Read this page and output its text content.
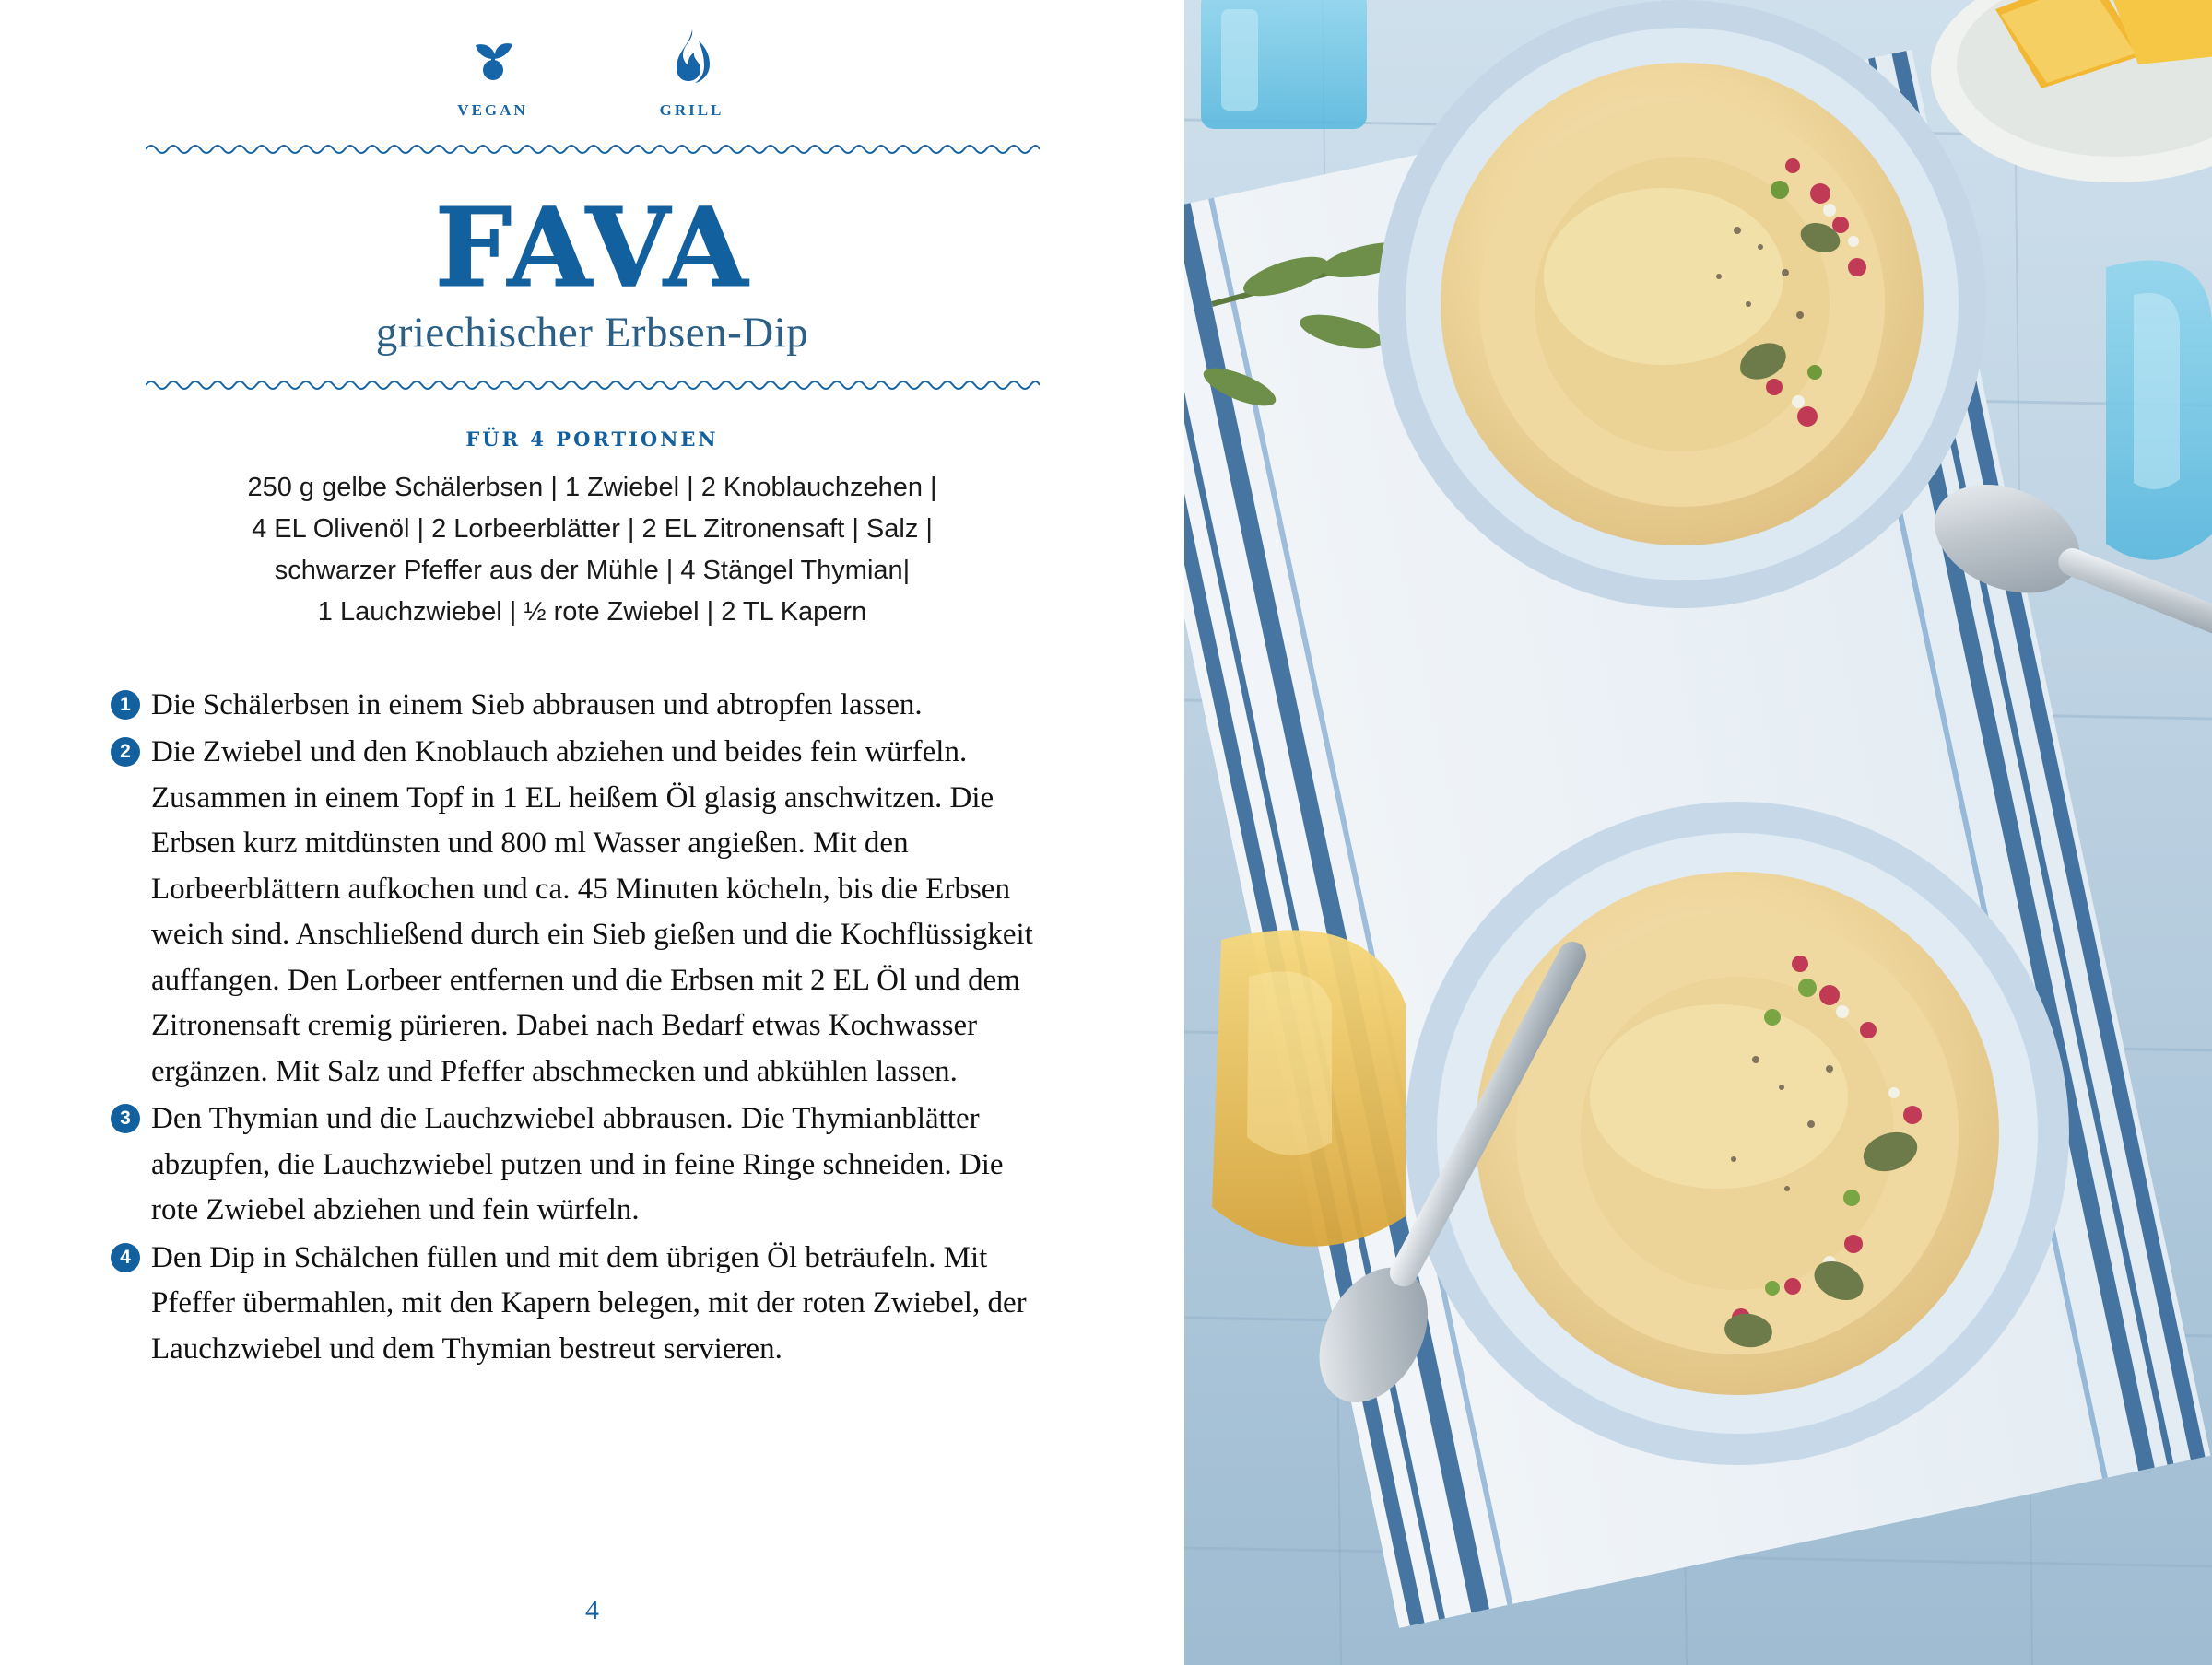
VEGAN	GRILL
FAVA
griechischer Erbsen-Dip
FÜR 4 PORTIONEN
250 g gelbe Schälerbsen | 1 Zwiebel | 2 Knoblauchzehen |
4 EL Olivenöl | 2 Lorbeerblätter | 2 EL Zitronensaft | Salz |
schwarzer Pfeffer aus der Mühle | 4 Stängel Thymian|
1 Lauchzwiebel | ½ rote Zwiebel | 2 TL Kapern
1 Die Schälerbsen in einem Sieb abbrausen und abtropfen lassen.
2 Die Zwiebel und den Knoblauch abziehen und beides fein würfeln. Zusammen in einem Topf in 1 EL heißem Öl glasig anschwitzen. Die Erbsen kurz mitdünsten und 800 ml Wasser angießen. Mit den Lorbeerblättern aufkochen und ca. 45 Minuten köcheln, bis die Erbsen weich sind. Anschließend durch ein Sieb gießen und die Kochflüssigkeit auffangen. Den Lorbeer entfernen und die Erbsen mit 2 EL Öl und dem Zitronensaft cremig pürieren. Dabei nach Bedarf etwas Kochwasser ergänzen. Mit Salz und Pfeffer abschmecken und abkühlen lassen.
3 Den Thymian und die Lauchzwiebel abbrausen. Die Thymianblätter abzupfen, die Lauchzwiebel putzen und in feine Ringe schneiden. Die rote Zwiebel abziehen und fein würfeln.
4 Den Dip in Schälchen füllen und mit dem übrigen Öl beträufeln. Mit Pfeffer übermahlen, mit den Kapern belegen, mit der roten Zwiebel, der Lauchzwiebel und dem Thymian bestreut servieren.
4
